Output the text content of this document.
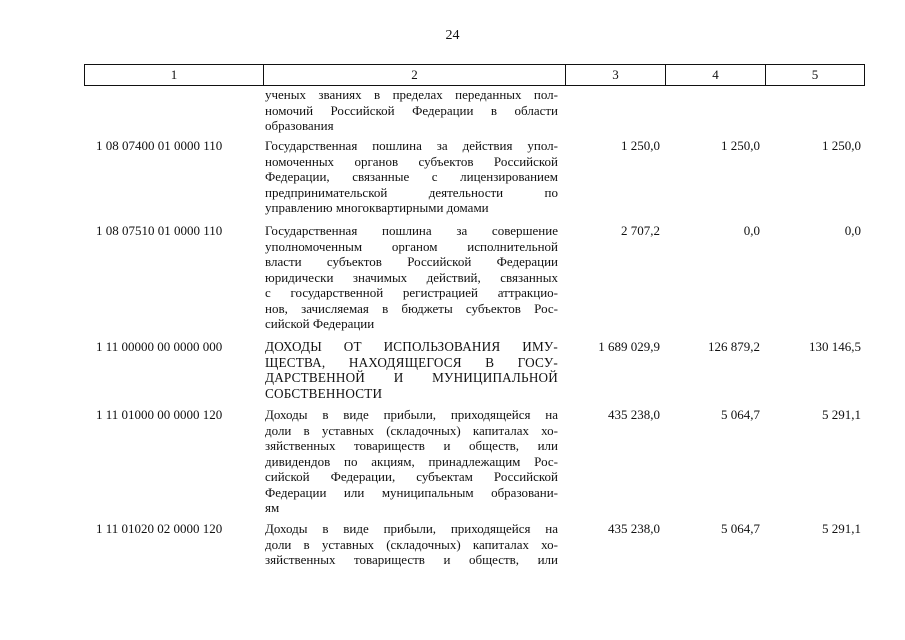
24
1	2	3	4	5
ученых званиях в пределах переданных пол-
номочий Российской Федерации в области
образования
1 08 07400 01 0000 110	Государственная пошлина за действия упол-
номоченных органов субъектов Российской
Федерации, связанные с лицензированием
предпринимательской деятельности по
управлению многоквартирными домами
1 250,0	1 250,0	1 250,0
1 08 07510 01 0000 110	Государственная пошлина за совершение
уполномоченным органом исполнительной
власти субъектов Российской Федерации
юридически значимых действий, связанных
с государственной регистрацией аттракцио-
нов, зачисляемая в бюджеты субъектов Рос-
сийской Федерации
2 707,2	0,0	0,0
1 11 00000 00 0000 000	ДОХОДЫ ОТ ИСПОЛЬЗОВАНИЯ ИМУ-
ЩЕСТВА, НАХОДЯЩЕГОСЯ В ГОСУ-
ДАРСТВЕННОЙ И МУНИЦИПАЛЬНОЙ
СОБСТВЕННОСТИ
1 689 029,9	126 879,2	130 146,5
1 11 01000 00 0000 120	Доходы в виде прибыли, приходящейся на
доли в уставных (складочных) капиталах хо-
зяйственных товариществ и обществ, или
дивидендов по акциям, принадлежащим Рос-
сийской Федерации, субъектам Российской
Федерации или муниципальным образовани-
ям
435 238,0	5 064,7	5 291,1
1 11 01020 02 0000 120	Доходы в виде прибыли, приходящейся на
доли в уставных (складочных) капиталах хо-
зяйственных товариществ и обществ, или
435 238,0	5 064,7	5 291,1
